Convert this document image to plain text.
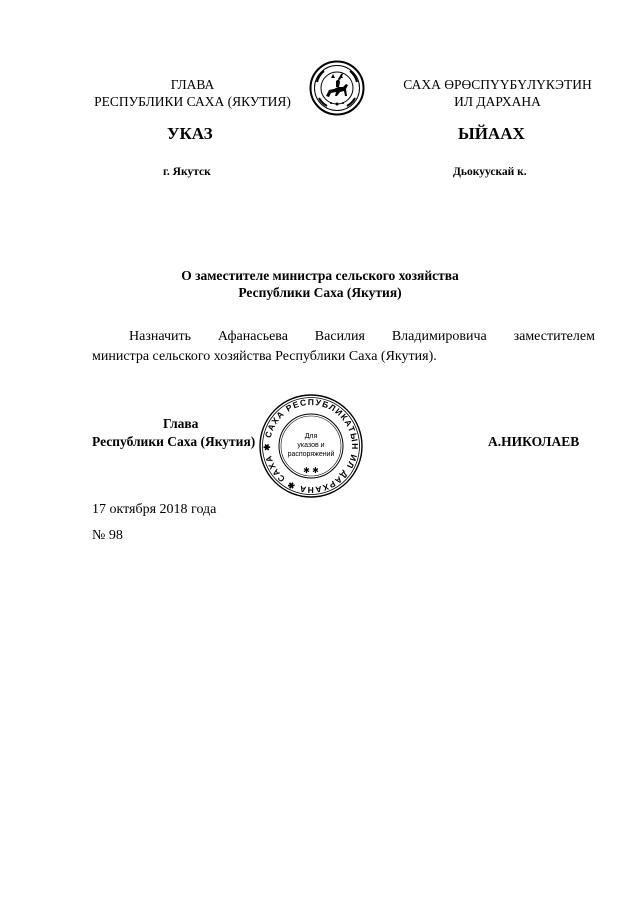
ГЛАВА
РЕСПУБЛИКИ САХА (ЯКУТИЯ)
САХА ӨРӨСПҮҮБҮЛҮКЭТИН
ИЛ ДАРХАНА
УКАЗ	ЫЙААХ
г. Якутск	Дьокуускай к.
О заместителе министра сельского хозяйства
Республики Саха (Якутия)
Назначить Афанасьева Василия Владимировича заместителем
министра сельского хозяйства Республики Саха (Якутия).
Глава
Республики Саха (Якутия)	А.НИКОЛАЕВ
САХА РЕСПУБЛИКАТЫН ИЛ ДАРХАНА ✱ САХА ✱
Для
указов и
распоряжений
✱ ✱
17 октября 2018 года
№ 98
